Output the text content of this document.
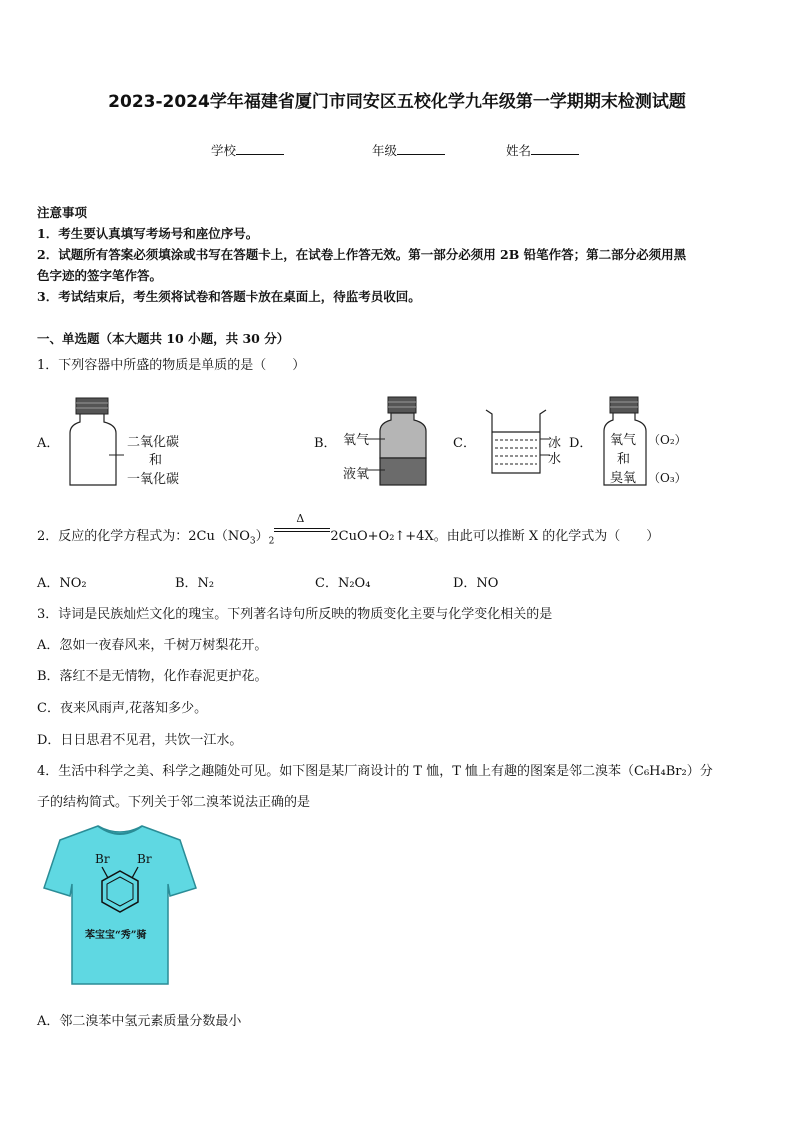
2023-2024学年福建省厦门市同安区五校化学九年级第一学期期末检测试题
学校	年级	姓名
注意事项
1．考生要认真填写考场号和座位序号。
2．试题所有答案必须填涂或书写在答题卡上，在试卷上作答无效。第一部分必须用 2B 铅笔作答；第二部分必须用黑
色字迹的签字笔作答。
3．考试结束后，考生须将试卷和答题卡放在桌面上，待监考员收回。
一、单选题（本大题共 10 小题，共 30 分）
1．下列容器中所盛的物质是单质的是（　　）
A．	二氧化碳
和
一氧化碳
B． 氧气
液氧
C．	冰
水
D． 氧气
和
臭氧
（O₂）
（O₃）
2．反应的化学方程式为：$2Cu(NO_3)_2$
Δ
2CuO+O₂↑+4X。由此可以推断 X 的化学式为（　　）
A．NO₂	B．N₂	C．N₂O₄	D．NO
3．诗词是民族灿烂文化的瑰宝。下列著名诗句所反映的物质变化主要与化学变化相关的是
A．忽如一夜春风来，千树万树梨花开。
B．落红不是无情物，化作春泥更护花。
C．夜来风雨声,花落知多少。
D．日日思君不见君，共饮一江水。
4．生活中科学之美、科学之趣随处可见。如下图是某厂商设计的 T 恤，T 恤上有趣的图案是邻二溴苯（C₆H₄Br₂）分
子的结构简式。下列关于邻二溴苯说法正确的是
Br Br
苯宝宝“秀”骑
A．邻二溴苯中氢元素质量分数最小
